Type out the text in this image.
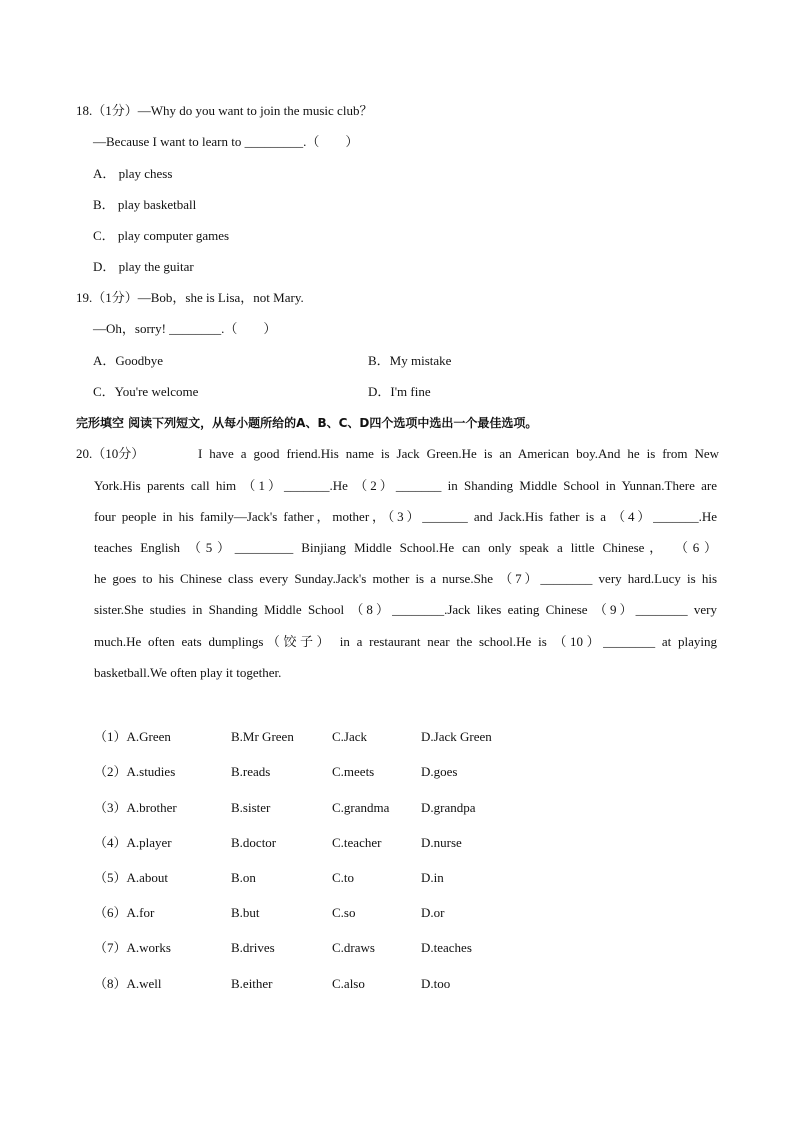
18.（1分）—Why do you want to join the music club？
—Because I want to learn to _________.（　　）
A． play chess
B． play basketball
C． play computer games
D． play the guitar
19.（1分）—Bob，she is Lisa，not Mary.
—Oh，sorry! ________.（　　）
A．Goodbye	B．My mistake
C．You're welcome	D．I'm fine
完形填空 阅读下列短文，从每小题所给的A、B、C、D四个选项中选出一个最佳选项。
20.（10分）	I have a good friend.His name is Jack Green.He is an American boy.And he is from New
York.His parents call him （1）_______.He （2）_______ in Shanding Middle School in Yunnan.There are
four people in his family—Jack's father，mother，（3）_______ and Jack.His father is a （4）_______.He
teaches English （5）_________ Binjiang Middle School.He can only speak a little Chinese， （6）
he goes to his Chinese class every Sunday.Jack's mother is a nurse.She （7）________ very hard.Lucy is his
sister.She studies in Shanding Middle School （8）________.Jack likes eating Chinese （9）________ very
much.He often eats dumplings（饺子） in a restaurant near the school.He is （10）________ at playing
basketball.We often play it together.
（1）A.Green	B.Mr Green	C.Jack	D.Jack Green
（2）A.studies	B.reads	C.meets	D.goes
（3）A.brother	B.sister	C.grandma D.grandpa
（4）A.player	B.doctor	C.teacher	D.nurse
（5）A.about	B.on	C.to	D.in
（6）A.for	B.but	C.so	D.or
（7）A.works	B.drives	C.draws	D.teaches
（8）A.well	B.either	C.also	D.too
